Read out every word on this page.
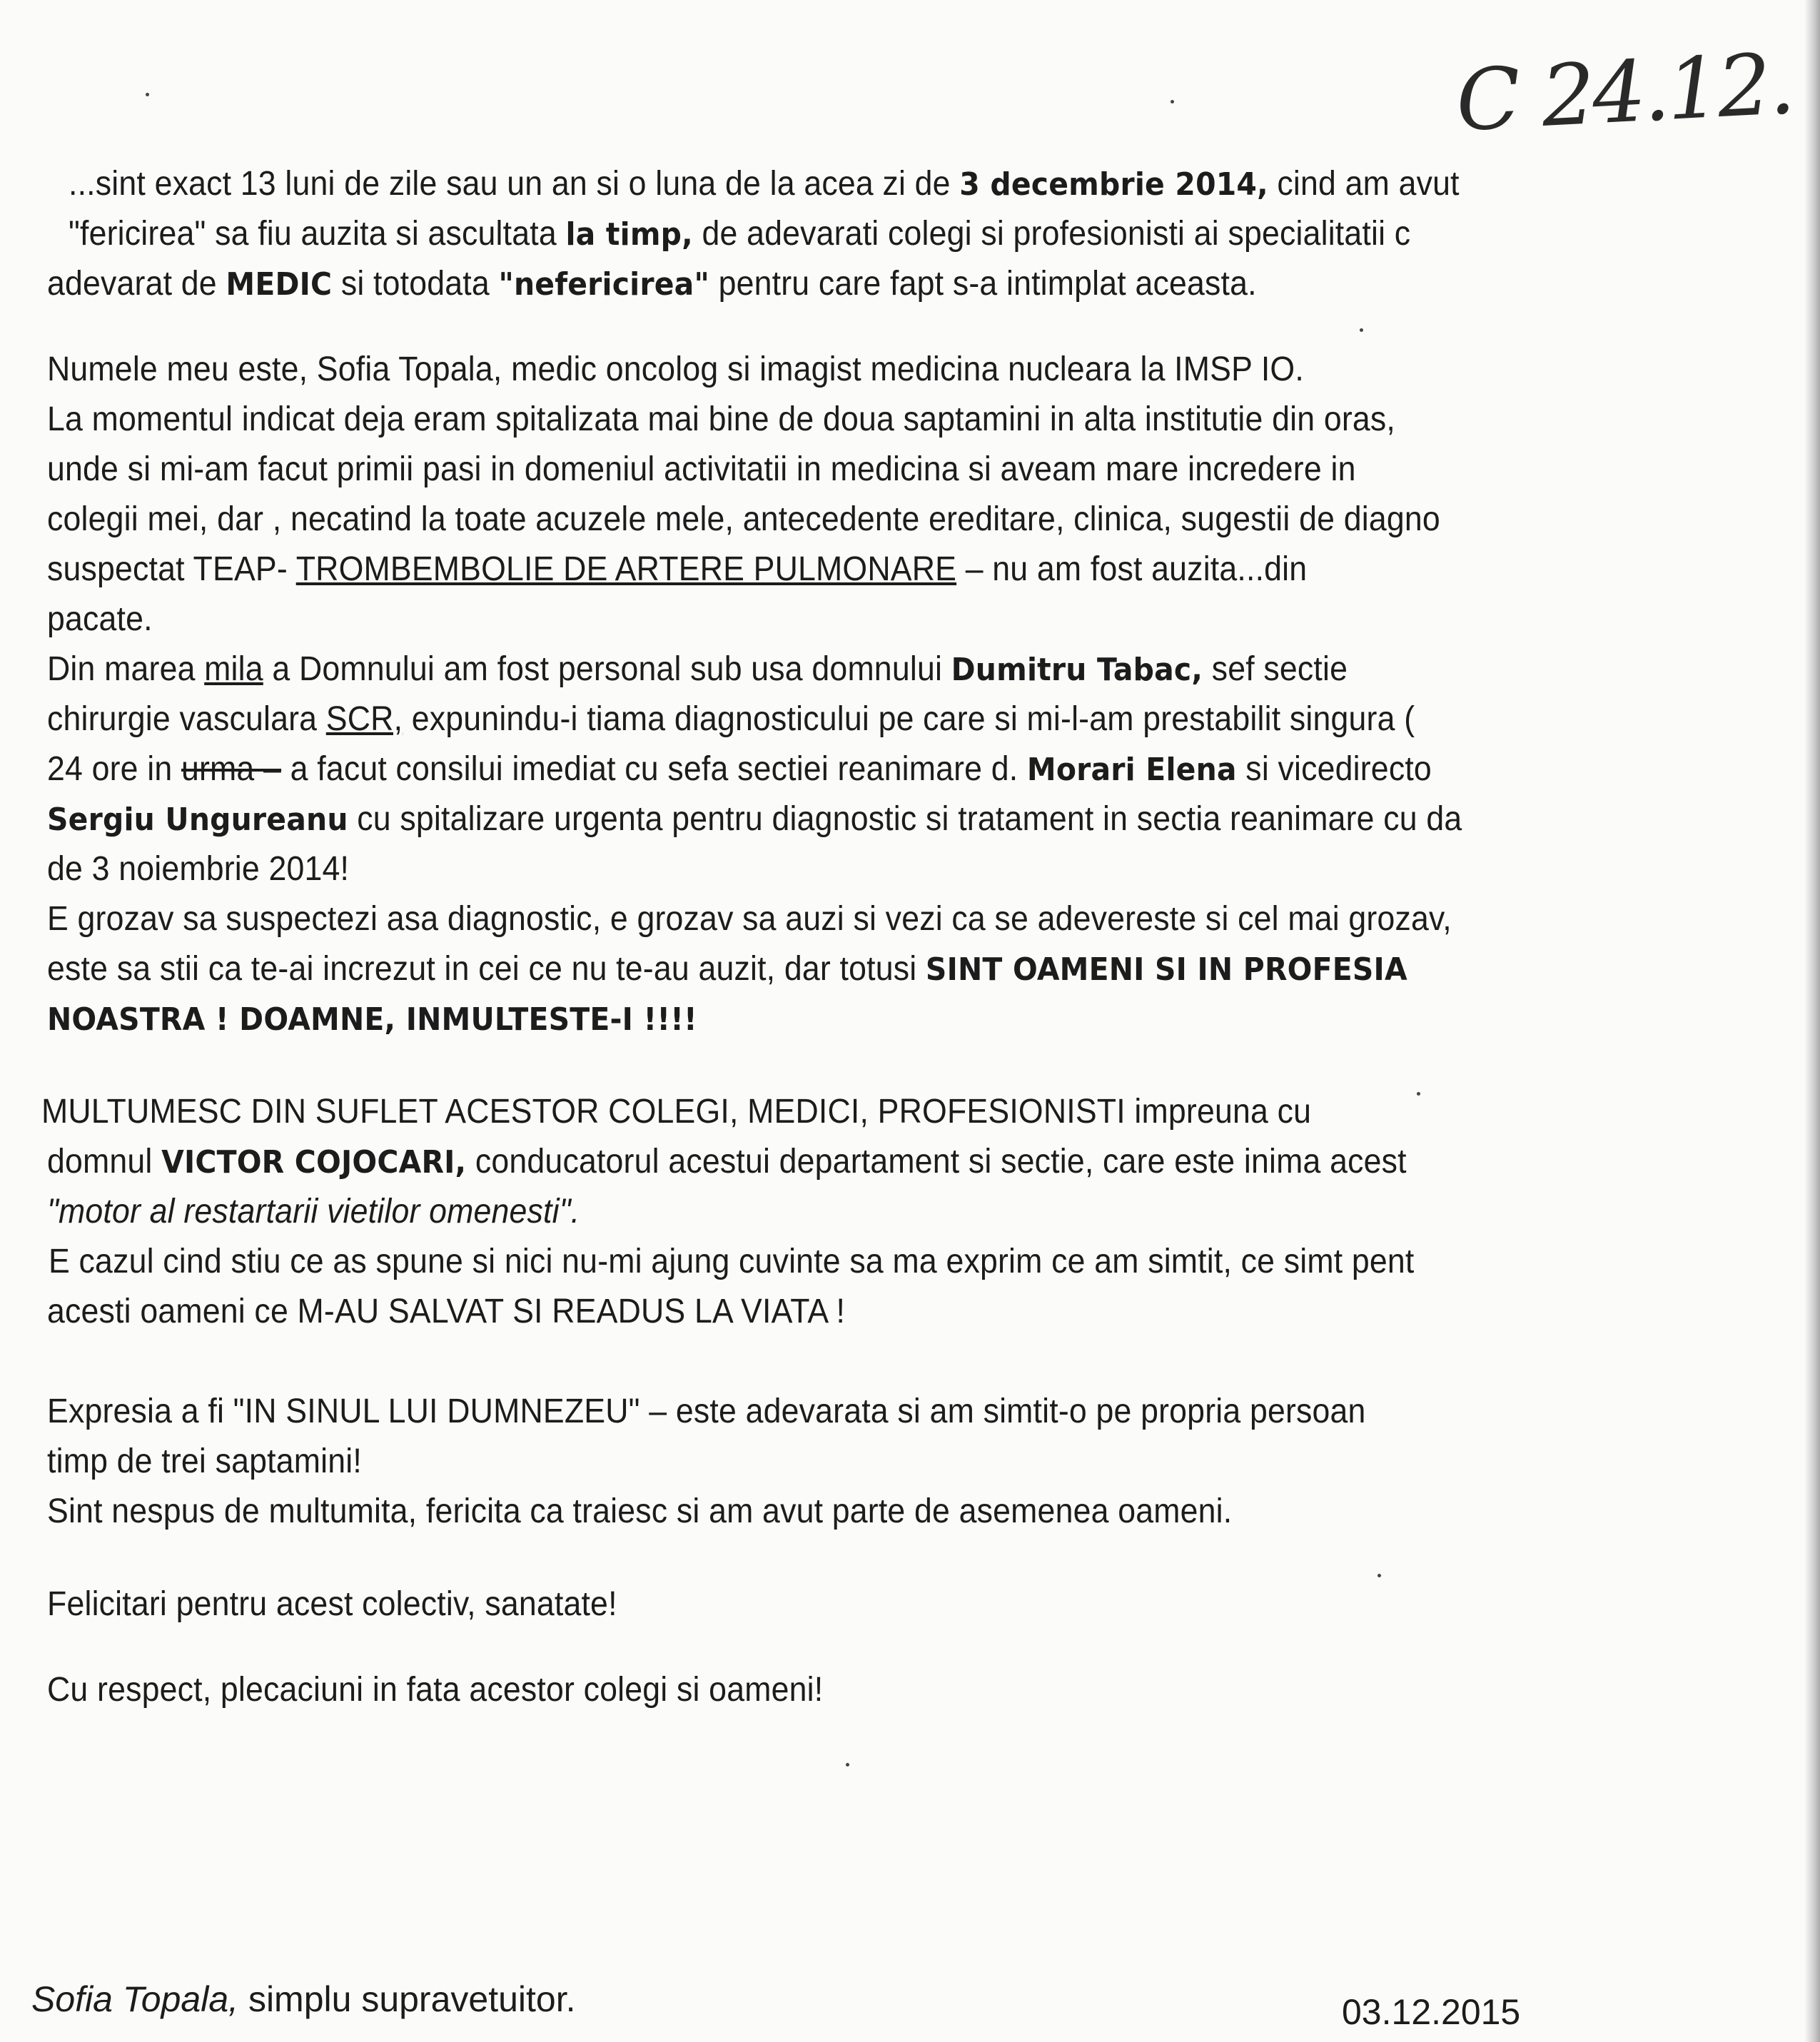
C 24.12.
...sint exact 13 luni de zile sau un an si o luna de la acea zi de 3 decembrie 2014, cind am avut
"fericirea" sa fiu auzita si ascultata la timp, de adevarati colegi si profesionisti ai specialitatii c
adevarat de MEDIC si totodata "nefericirea" pentru care fapt s-a intimplat aceasta.
Numele meu este, Sofia Topala, medic oncolog si imagist medicina nucleara la IMSP IO.
La momentul indicat deja eram spitalizata mai bine de doua saptamini in alta institutie din oras,
unde si mi-am facut primii pasi in domeniul activitatii in medicina si aveam mare incredere in
colegii mei, dar , necatind la toate acuzele mele, antecedente ereditare, clinica, sugestii de diagno
suspectat TEAP- TROMBEMBOLIE DE ARTERE PULMONARE – nu am fost auzita...din
pacate.
Din marea mila a Domnului am fost personal sub usa domnului Dumitru Tabac, sef sectie
chirurgie vasculara SCR, expunindu-i tiama diagnosticului pe care si mi-l-am prestabilit singura (
24 ore in urma – a facut consilui imediat cu sefa sectiei reanimare d. Morari Elena si vicedirecto
Sergiu Ungureanu cu spitalizare urgenta pentru diagnostic si tratament in sectia reanimare cu da
de 3 noiembrie 2014!
E grozav sa suspectezi asa diagnostic, e grozav sa auzi si vezi ca se adevereste si cel mai grozav,
este sa stii ca te-ai increzut in cei ce nu te-au auzit, dar totusi SINT OAMENI SI IN PROFESIA
NOASTRA ! DOAMNE, INMULTESTE-I !!!!
MULTUMESC DIN SUFLET ACESTOR COLEGI, MEDICI, PROFESIONISTI impreuna cu
domnul VICTOR COJOCARI, conducatorul acestui departament si sectie, care este inima acest
"motor al restartarii vietilor omenesti".
E cazul cind stiu ce as spune si nici nu-mi ajung cuvinte sa ma exprim ce am simtit, ce simt pent
acesti oameni ce M-AU SALVAT SI READUS LA VIATA !
Expresia a fi "IN SINUL LUI DUMNEZEU" – este adevarata si am simtit-o pe propria persoan
timp de trei saptamini!
Sint nespus de multumita, fericita ca traiesc si am avut parte de asemenea oameni.
Felicitari pentru acest colectiv, sanatate!
Cu respect, plecaciuni in fata acestor colegi si oameni!
Sofia Topala, simplu supravetuitor.	03.12.2015
